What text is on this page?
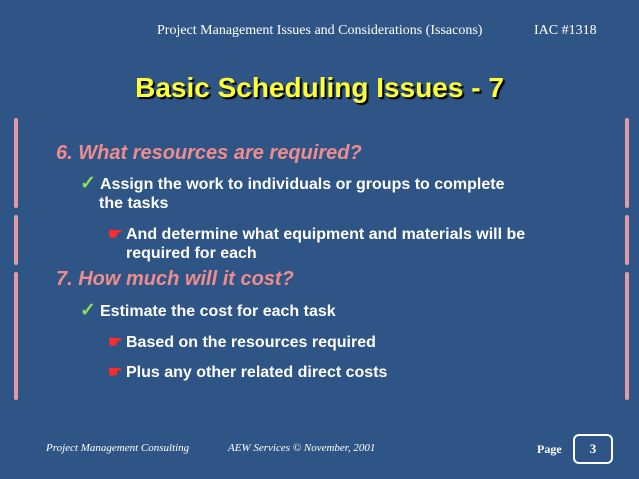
Project Management Issues and Considerations (Issacons)	IAC #1318
Basic Scheduling Issues - 7
6. What resources are required?
✓ Assign the work to individuals or groups to complete
the tasks
☛ And determine what equipment and materials will be
required for each
7. How much will it cost?
✓ Estimate the cost for each task
☛ Based on the resources required
☛ Plus any other related direct costs
Project Management Consulting	AEW Services © November, 2001	Page	3
